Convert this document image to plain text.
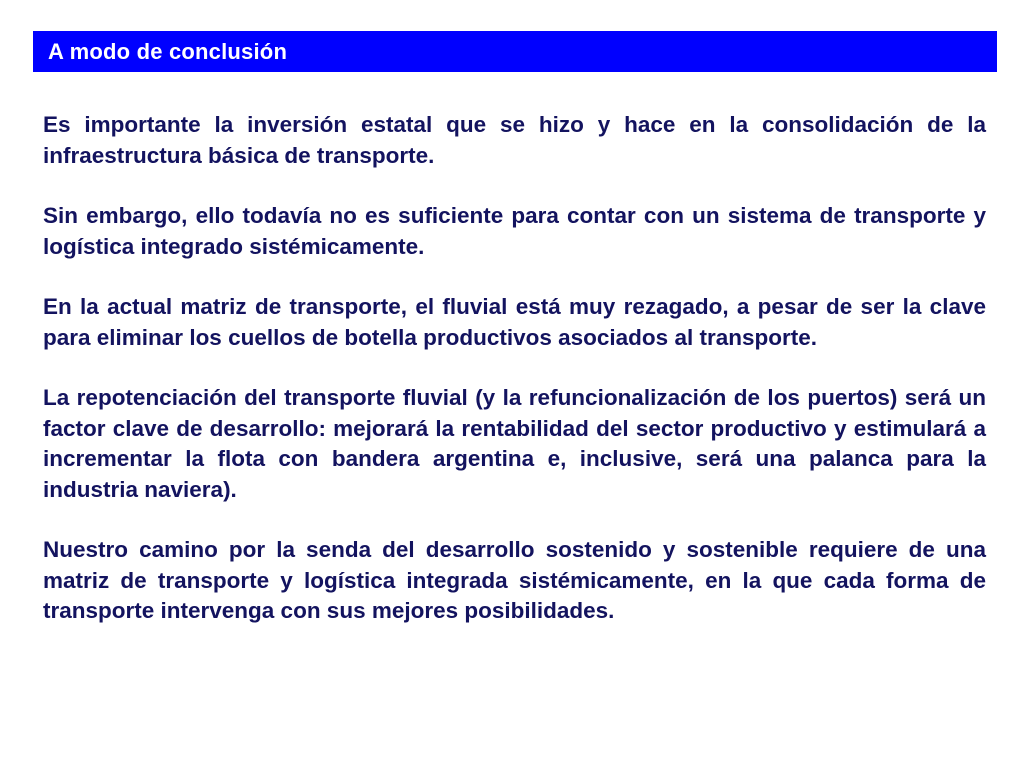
A modo de conclusión

Es importante la inversión estatal que se hizo y hace en la consolidación de la infraestructura básica de transporte.

Sin embargo, ello todavía no es suficiente para contar con un sistema de transporte y logística integrado sistémicamente.

En la actual matriz de transporte, el fluvial está muy rezagado, a pesar de ser la clave para eliminar los cuellos de botella productivos asociados al transporte.

La repotenciación del transporte fluvial (y la refuncionalización de los puertos) será un factor clave de desarrollo: mejorará la rentabilidad del sector productivo y estimulará a incrementar la flota con bandera argentina e, inclusive, será una palanca para la industria naviera).

Nuestro camino por la senda del desarrollo sostenido y sostenible requiere de una matriz de transporte y logística integrada sistémicamente, en la que cada forma de transporte intervenga con sus mejores posibilidades.
